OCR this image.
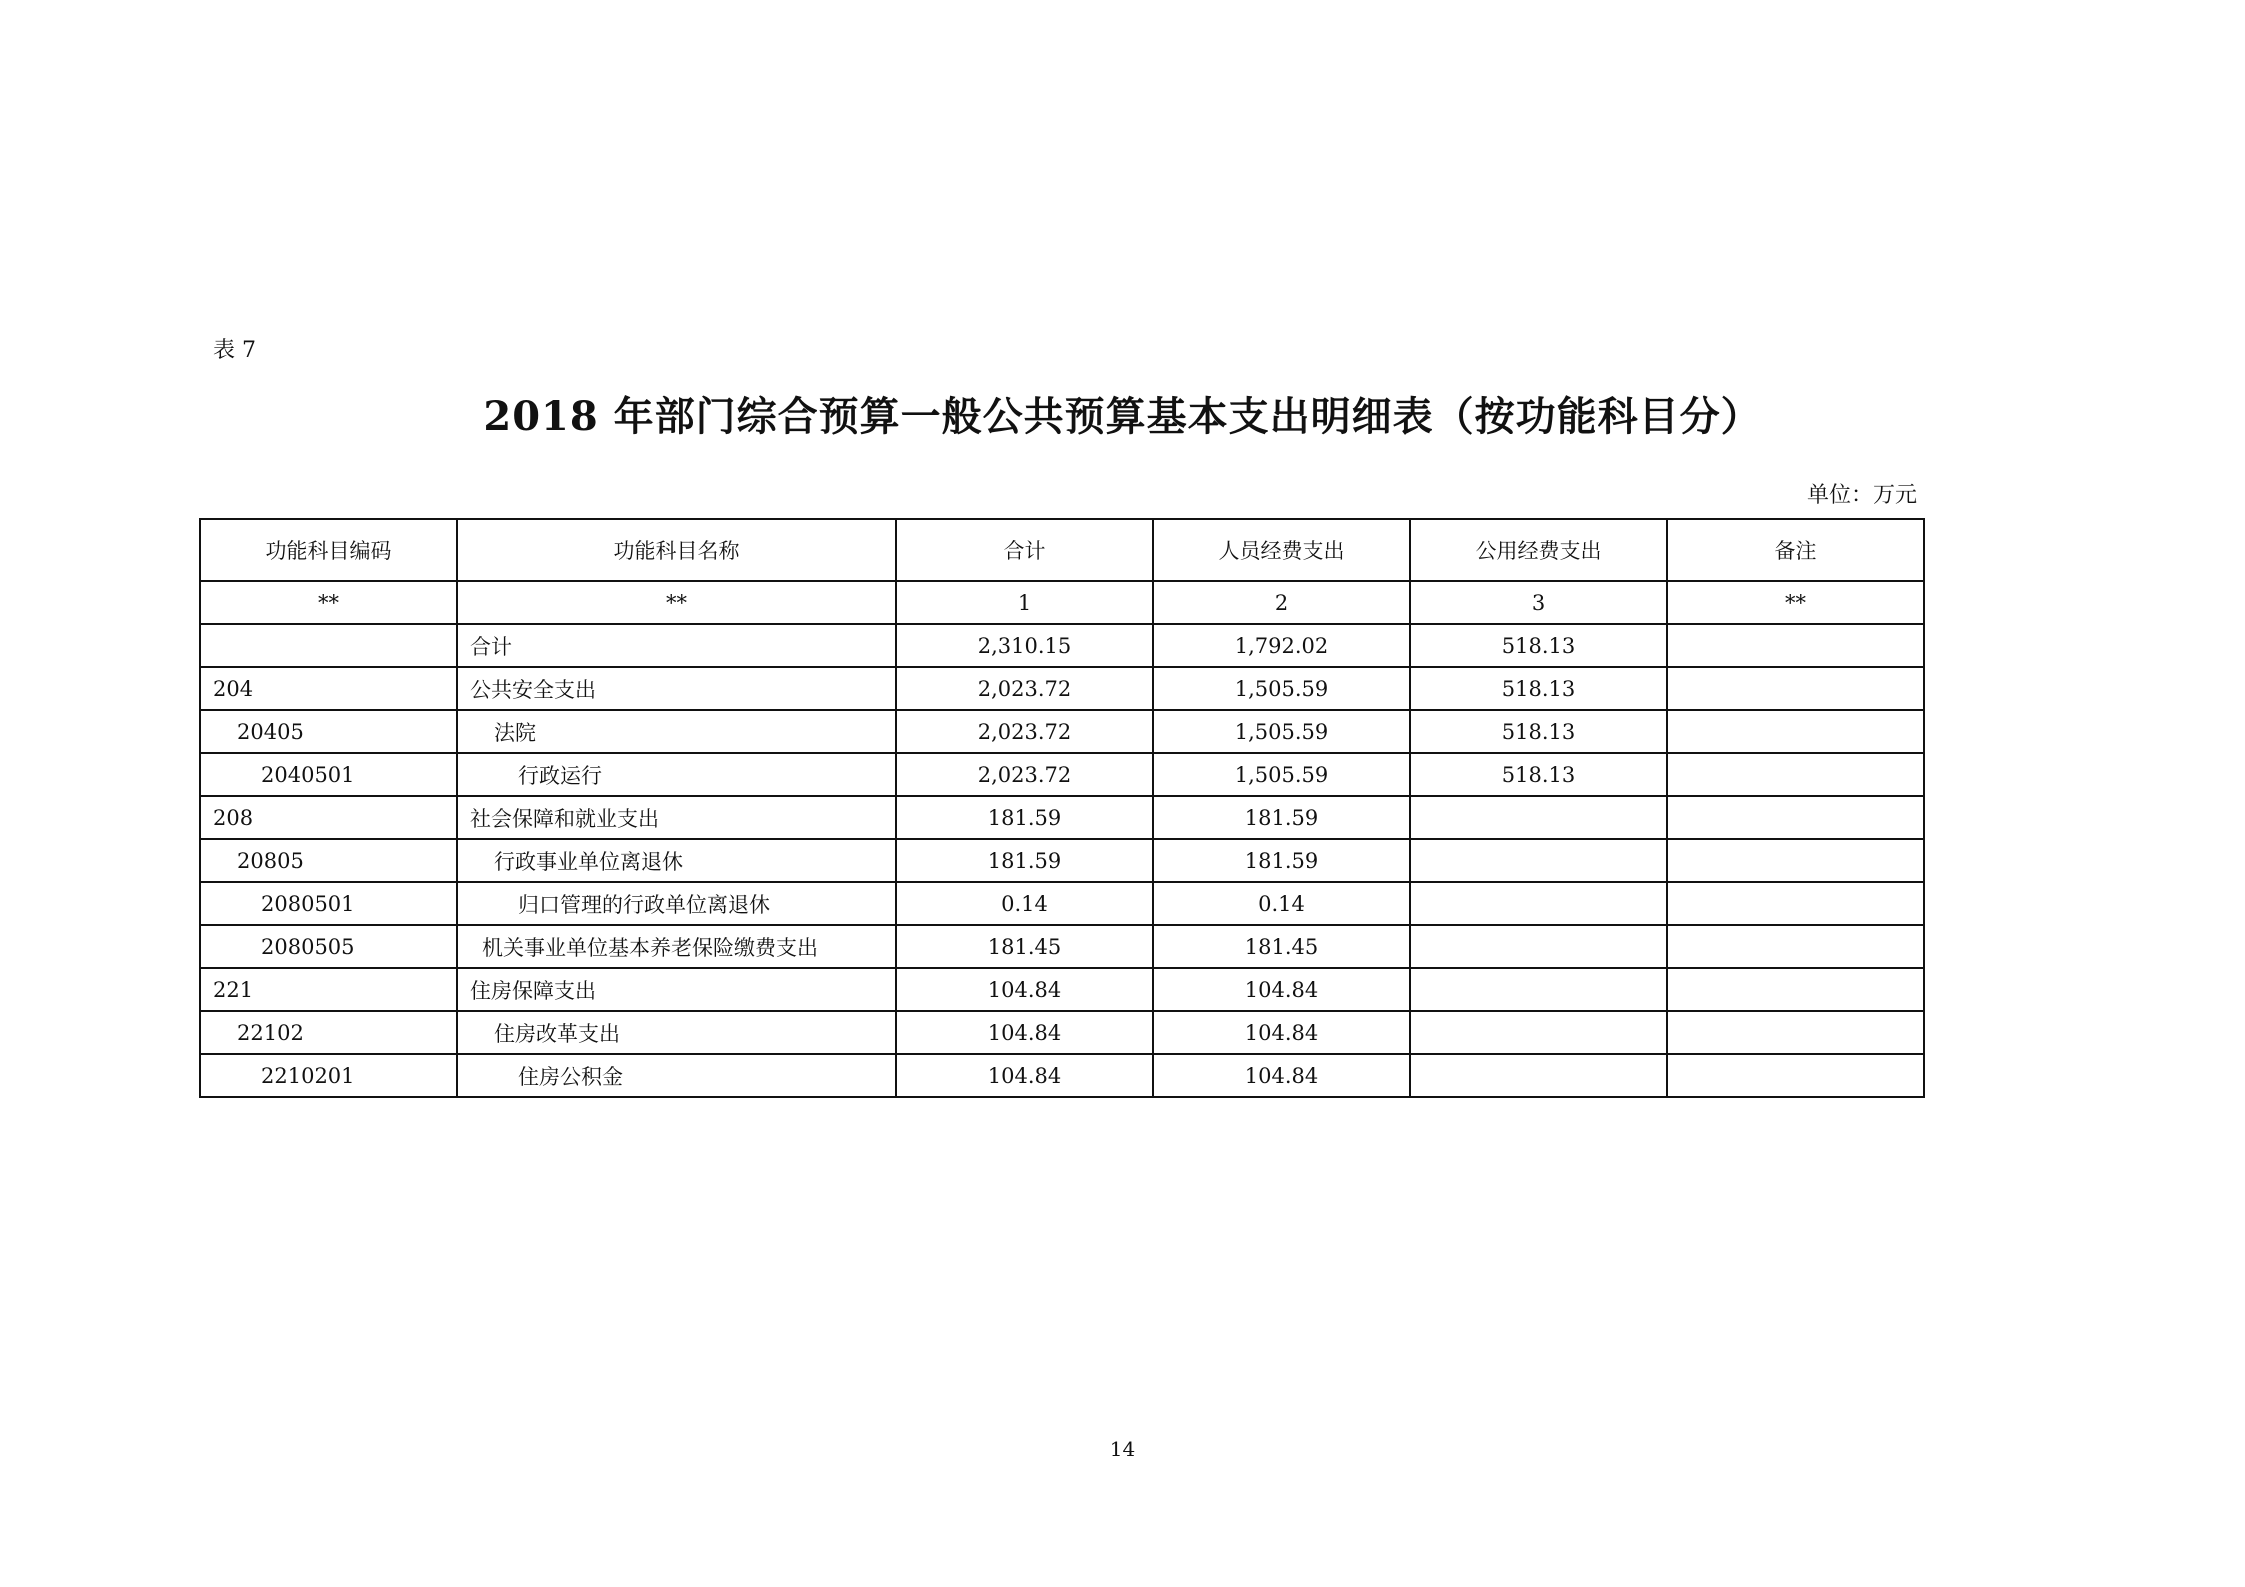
表 7
2018 年部门综合预算一般公共预算基本支出明细表（按功能科目分）
单位：万元
功能科目编码	功能科目名称	合计	人员经费支出	公用经费支出	备注
**	**	1	2	3	**
	合计	2,310.15	1,792.02	518.13	
204	公共安全支出	2,023.72	1,505.59	518.13	
20405	法院	2,023.72	1,505.59	518.13	
2040501	行政运行	2,023.72	1,505.59	518.13	
208	社会保障和就业支出	181.59	181.59		
20805	行政事业单位离退休	181.59	181.59		
2080501	归口管理的行政单位离退休	0.14	0.14		
2080505	机关事业单位基本养老保险缴费支出	181.45	181.45		
221	住房保障支出	104.84	104.84		
22102	住房改革支出	104.84	104.84		
2210201	住房公积金	104.84	104.84		
14
